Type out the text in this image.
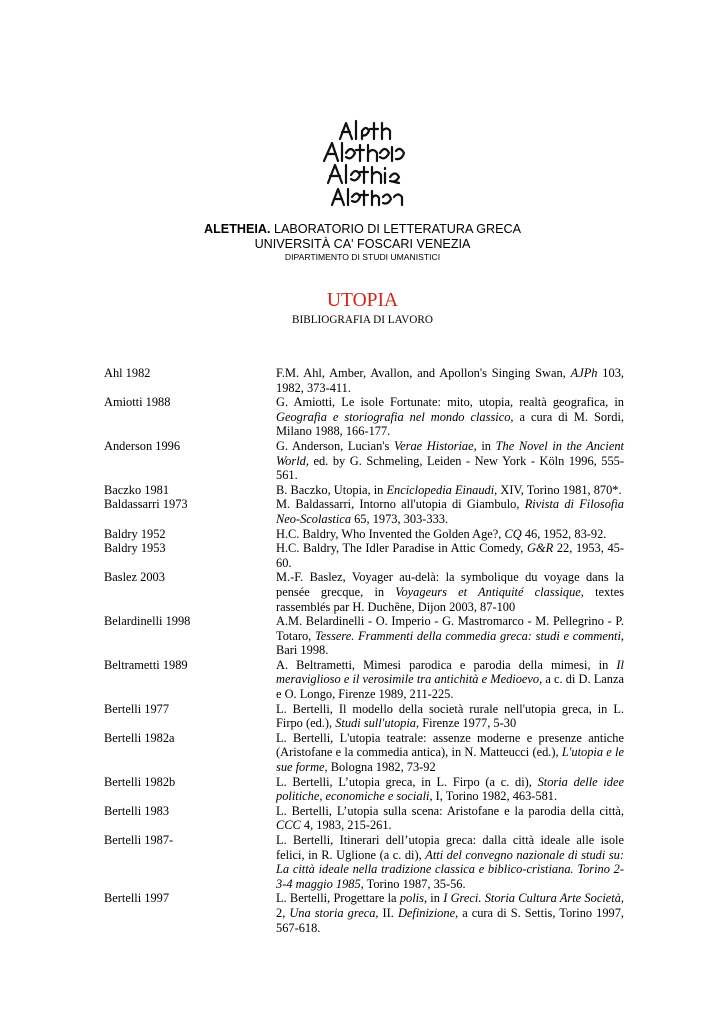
ALETHEIA. LABORATORIO DI LETTERATURA GRECA
UNIVERSITÀ CA' FOSCARI VENEZIA
DIPARTIMENTO DI STUDI UMANISTICI
UTOPIA
BIBLIOGRAFIA DI LAVORO
Ahl 1982	F.M. Ahl, Amber, Avallon, and Apollon's Singing Swan, AJPh 103, 1982, 373-411.
Amiotti 1988	G. Amiotti, Le isole Fortunate: mito, utopia, realtà geografica, in Geografia e storiografia nel mondo classico, a cura di M. Sordi, Milano 1988, 166-177.
Anderson 1996	G. Anderson, Lucian's Verae Historiae, in The Novel in the Ancient World, ed. by G. Schmeling, Leiden - New York - Köln 1996, 555-561.
Baczko 1981	B. Baczko, Utopia, in Enciclopedia Einaudi, XIV, Torino 1981, 870*.
Baldassarri 1973	M. Baldassarri, Intorno all'utopia di Giambulo, Rivista di Filosofia Neo-Scolastica 65, 1973, 303-333.
Baldry 1952	H.C. Baldry, Who Invented the Golden Age?, CQ 46, 1952, 83-92.
Baldry 1953	H.C. Baldry, The Idler Paradise in Attic Comedy, G&R 22, 1953, 45-60.
Baslez 2003	M.-F. Baslez, Voyager au-delà: la symbolique du voyage dans la pensée grecque, in Voyageurs et Antiquité classique, textes rassemblés par H. Duchêne, Dijon 2003, 87-100
Belardinelli 1998	A.M. Belardinelli - O. Imperio - G. Mastromarco - M. Pellegrino - P. Totaro, Tessere. Frammenti della commedia greca: studi e commenti, Bari 1998.
Beltrametti 1989	A. Beltrametti, Mimesi parodica e parodia della mimesi, in Il meraviglioso e il verosimile tra antichità e Medioevo, a c. di D. Lanza e O. Longo, Firenze 1989, 211-225.
Bertelli 1977	L. Bertelli, Il modello della società rurale nell'utopia greca, in L. Firpo (ed.), Studi sull'utopia, Firenze 1977, 5-30
Bertelli 1982a	L. Bertelli, L'utopia teatrale: assenze moderne e presenze antiche (Aristofane e la commedia antica), in N. Matteucci (ed.), L'utopia e le sue forme, Bologna 1982, 73-92
Bertelli 1982b	L. Bertelli, L’utopia greca, in L. Firpo (a c. di), Storia delle idee politiche, economiche e sociali, I, Torino 1982, 463-581.
Bertelli 1983	L. Bertelli, L’utopia sulla scena: Aristofane e la parodia della città, CCC 4, 1983, 215-261.
Bertelli 1987-	L. Bertelli, Itinerari dell’utopia greca: dalla città ideale alle isole felici, in R. Uglione (a c. di), Atti del convegno nazionale di studi su: La città ideale nella tradizione classica e biblico-cristiana. Torino 2-3-4 maggio 1985, Torino 1987, 35-56.
Bertelli 1997	L. Bertelli, Progettare la polis, in I Greci. Storia Cultura Arte Società, 2, Una storia greca, II. Definizione, a cura di S. Settis, Torino 1997, 567-618.
